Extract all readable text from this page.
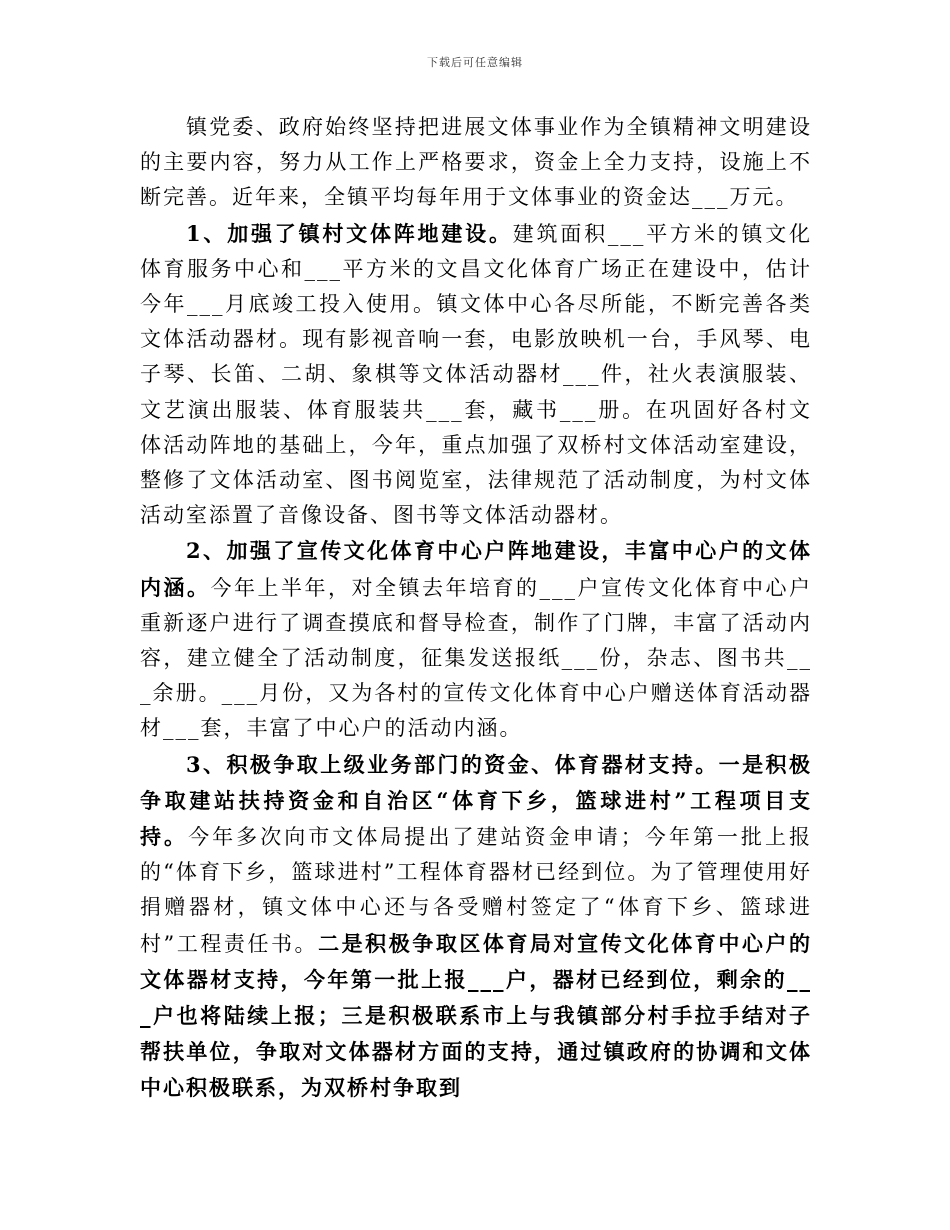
下载后可任意编辑

镇党委、政府始终坚持把进展文体事业作为全镇精神文明建设的主要内容，努力从工作上严格要求，资金上全力支持，设施上不断完善。近年来，全镇平均每年用于文体事业的资金达___万元。

1、加强了镇村文体阵地建设。建筑面积___平方米的镇文化体育服务中心和___平方米的文昌文化体育广场正在建设中，估计今年___月底竣工投入使用。镇文体中心各尽所能，不断完善各类文体活动器材。现有影视音响一套，电影放映机一台，手风琴、电子琴、长笛、二胡、象棋等文体活动器材___件，社火表演服装、文艺演出服装、体育服装共___套，藏书___册。在巩固好各村文体活动阵地的基础上，今年，重点加强了双桥村文体活动室建设，整修了文体活动室、图书阅览室，法律规范了活动制度，为村文体活动室添置了音像设备、图书等文体活动器材。

2、加强了宣传文化体育中心户阵地建设，丰富中心户的文体内涵。今年上半年，对全镇去年培育的___户宣传文化体育中心户重新逐户进行了调查摸底和督导检查，制作了门牌，丰富了活动内容，建立健全了活动制度，征集发送报纸___份，杂志、图书共___余册。___月份，又为各村的宣传文化体育中心户赠送体育活动器材___套，丰富了中心户的活动内涵。

3、积极争取上级业务部门的资金、体育器材支持。一是积极争取建站扶持资金和自治区“体育下乡，篮球进村”工程项目支持。今年多次向市文体局提出了建站资金申请；今年第一批上报的“体育下乡，篮球进村”工程体育器材已经到位。为了管理使用好捐赠器材，镇文体中心还与各受赠村签定了“体育下乡、篮球进村”工程责任书。二是积极争取区体育局对宣传文化体育中心户的文体器材支持，今年第一批上报___户，器材已经到位，剩余的___户也将陆续上报；三是积极联系市上与我镇部分村手拉手结对子帮扶单位，争取对文体器材方面的支持，通过镇政府的协调和文体中心积极联系，为双桥村争取到
